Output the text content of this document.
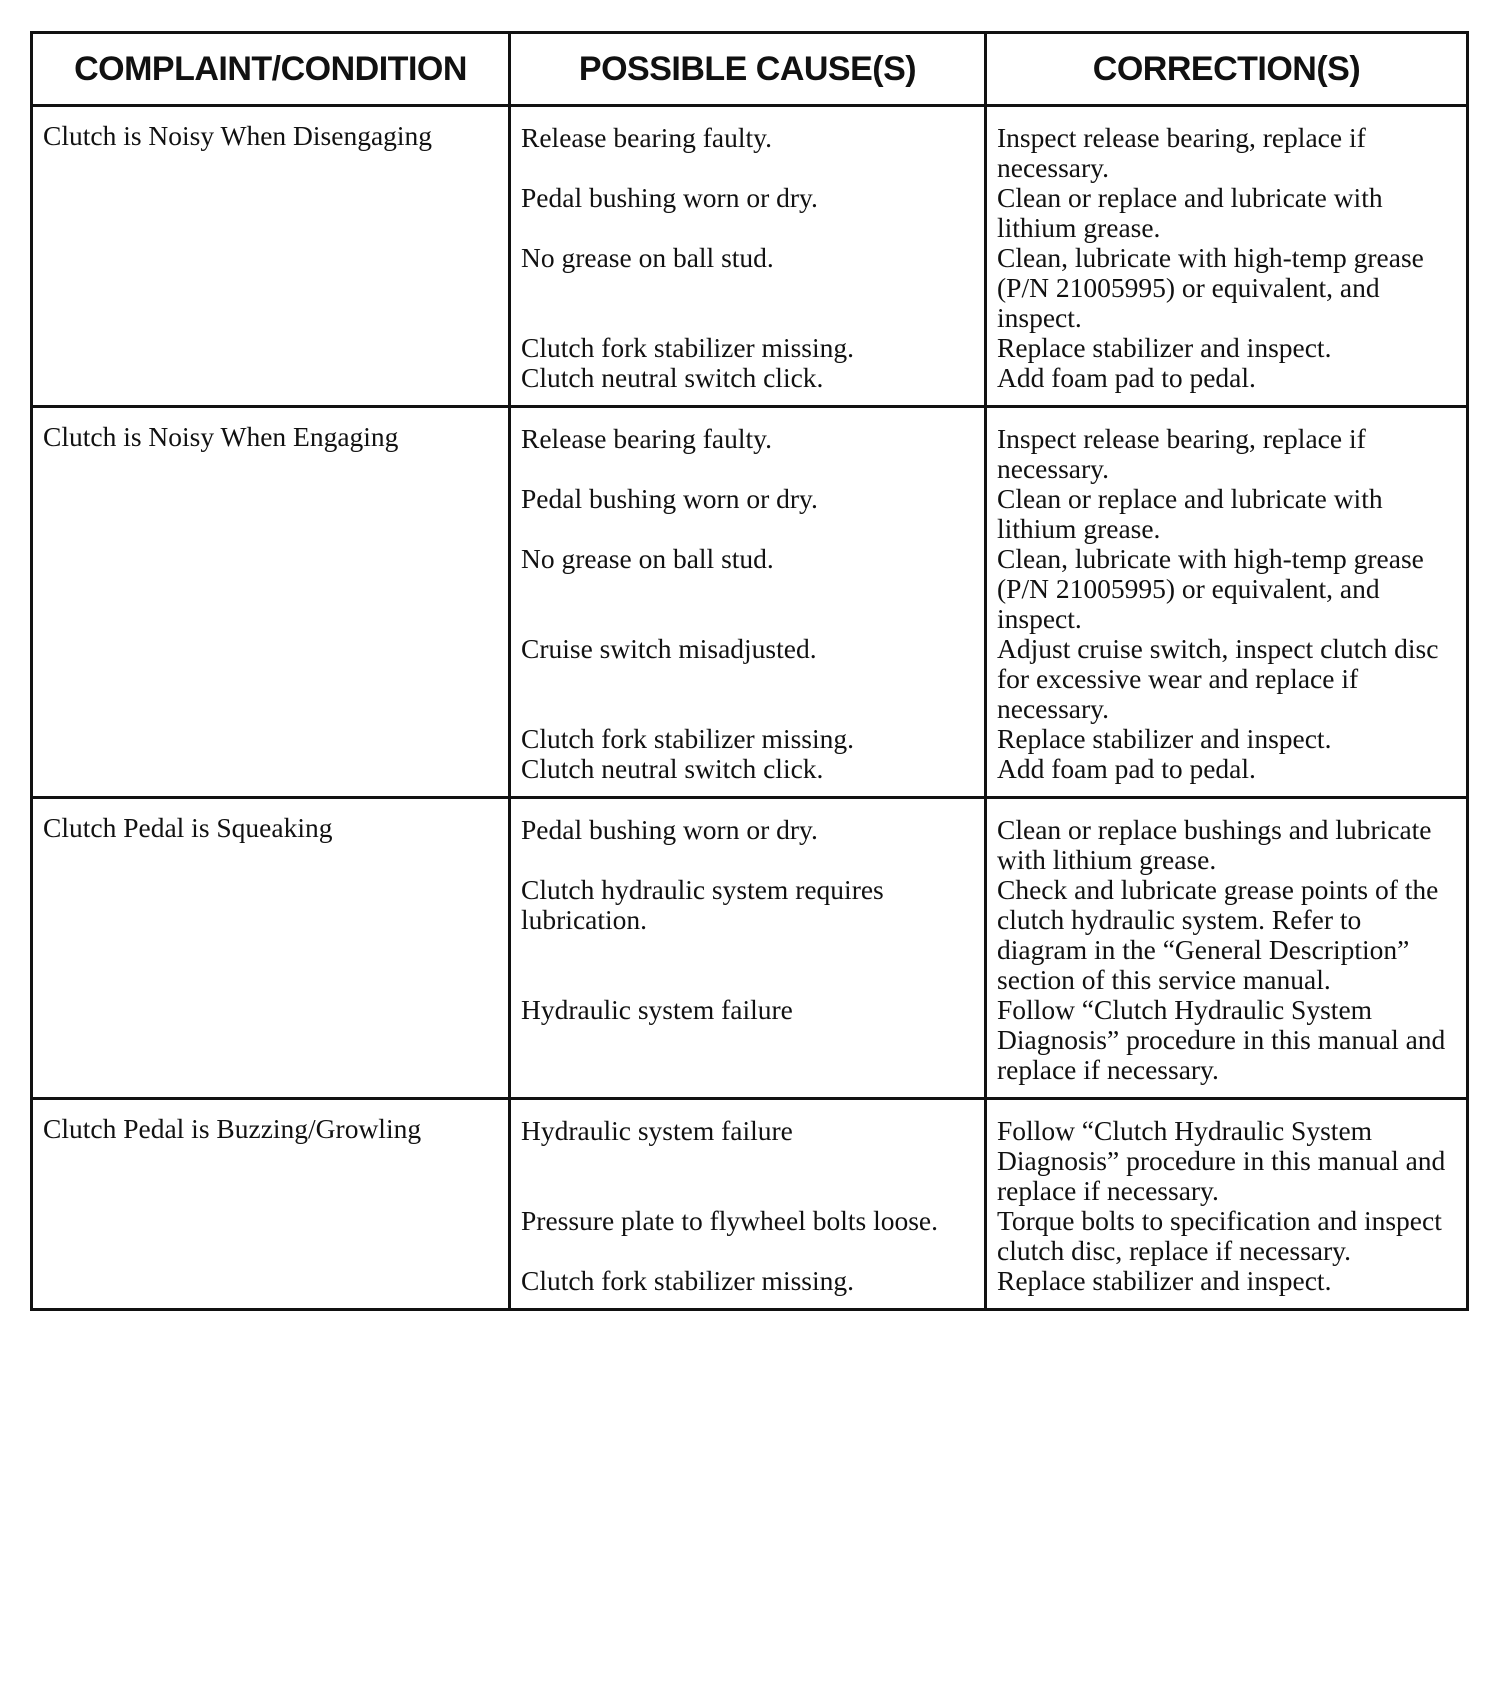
COMPLAINT/CONDITION	POSSIBLE CAUSE(S)	CORRECTION(S)
Clutch is Noisy When Disengaging	Release bearing faulty.	Inspect release bearing, replace if necessary.
	Pedal bushing worn or dry.	Clean or replace and lubricate with lithium grease.
	No grease on ball stud.	Clean, lubricate with high-temp grease (P/N 21005995) or equivalent, and inspect.
	Clutch fork stabilizer missing.	Replace stabilizer and inspect.
	Clutch neutral switch click.	Add foam pad to pedal.
Clutch is Noisy When Engaging	Release bearing faulty.	Inspect release bearing, replace if necessary.
	Pedal bushing worn or dry.	Clean or replace and lubricate with lithium grease.
	No grease on ball stud.	Clean, lubricate with high-temp grease (P/N 21005995) or equivalent, and inspect.
	Cruise switch misadjusted.	Adjust cruise switch, inspect clutch disc for excessive wear and replace if necessary.
	Clutch fork stabilizer missing.	Replace stabilizer and inspect.
	Clutch neutral switch click.	Add foam pad to pedal.
Clutch Pedal is Squeaking	Pedal bushing worn or dry.	Clean or replace bushings and lubricate with lithium grease.
	Clutch hydraulic system requires lubrication.	Check and lubricate grease points of the clutch hydraulic system. Refer to diagram in the “General Description” section of this service manual.
	Hydraulic system failure	Follow “Clutch Hydraulic System Diagnosis” procedure in this manual and replace if necessary.
Clutch Pedal is Buzzing/Growling	Hydraulic system failure	Follow “Clutch Hydraulic System Diagnosis” procedure in this manual and replace if necessary.
	Pressure plate to flywheel bolts loose.	Torque bolts to specification and inspect clutch disc, replace if necessary.
	Clutch fork stabilizer missing.	Replace stabilizer and inspect.
